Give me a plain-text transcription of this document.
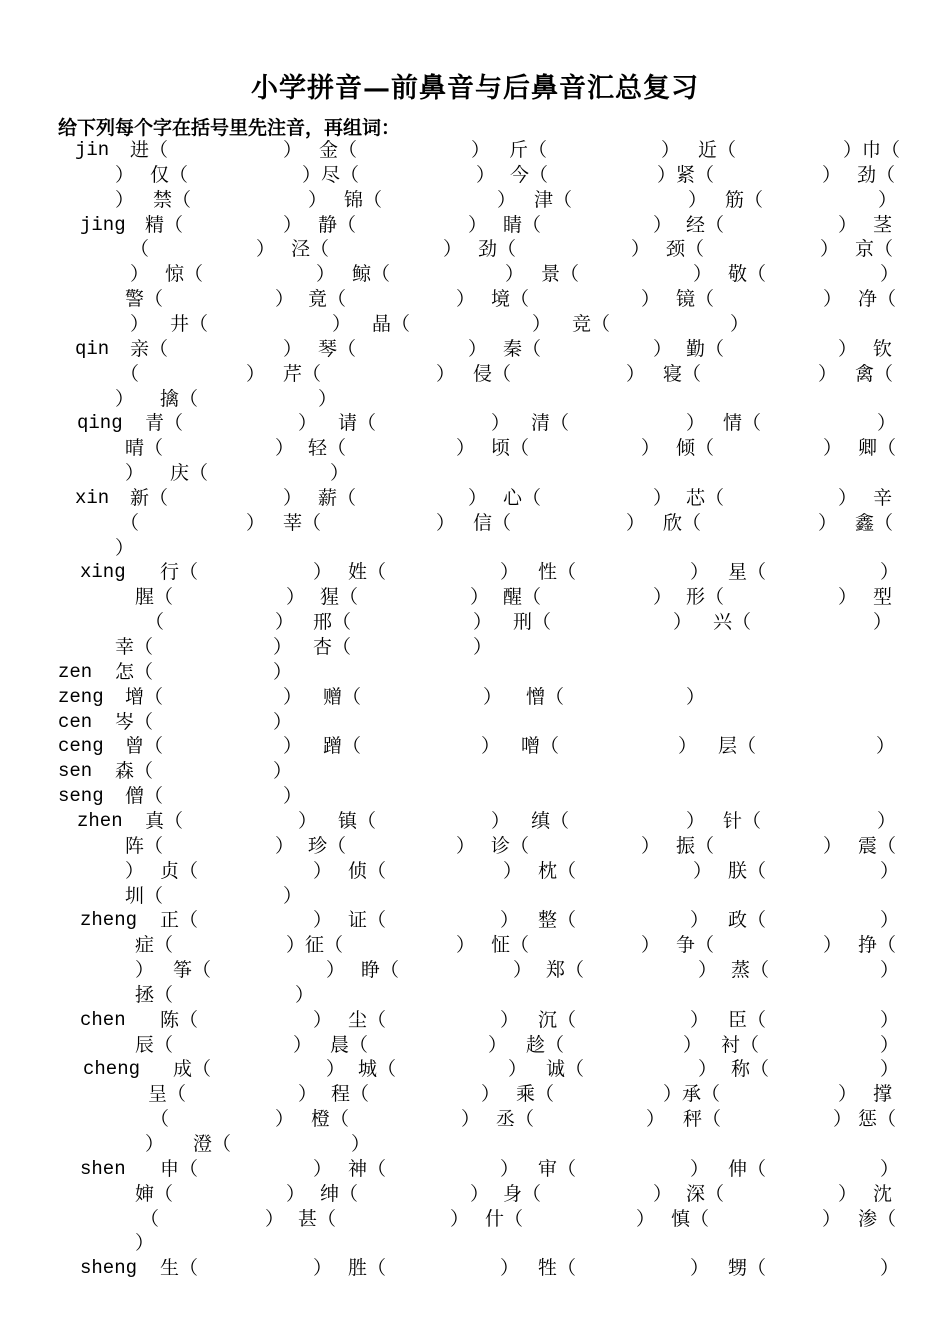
小学拼音—前鼻音与后鼻音汇总复习
给下列每个字在括号里先注音，再组词：
jin 进（	） 金（	） 斤（	） 近（	）巾（
） 仅（	）尽（	） 今（	）紧（	） 劲（
） 禁（	） 锦（	） 津（	） 筋（	）
jing 精（	） 静（	） 睛（	） 经（	） 茎
（	） 泾（	） 劲（	） 颈（	） 京（
） 惊（	） 鲸（	） 景（	） 敬（	）
警（	） 竟（	） 境（	） 镜（	） 净（
） 井（	） 晶（	） 竞（	）
qin 亲（	） 琴（	） 秦（	） 勤（	） 钦
（	） 芹（	） 侵（	） 寝（	） 禽（
） 擒（	）
qing 青（	） 请（	） 清（	） 情（	）
晴（	） 轻（	） 顷（	） 倾（	） 卿（
） 庆（	）
xin 新（	） 薪（	） 心（	） 芯（	） 辛
（	） 莘（	） 信（	） 欣（	） 鑫（
）
xing 行（	） 姓（	） 性（	） 星（	）
腥（	） 猩（	） 醒（	） 形（	） 型
（	） 邢（	） 刑（	） 兴（	）
幸（	） 杏（	）
zen 怎（	）
zeng 增（	） 赠（	） 憎（	）
cen 岑（	）
ceng 曾（	） 蹭（	） 噌（	） 层（	）
sen 森（	）
seng 僧（	）
zhen 真（	） 镇（	） 缜（	） 针（	）
阵（	） 珍（	） 诊（	） 振（	） 震（
） 贞（	） 侦（	） 枕（	） 朕（	）
圳（	）
zheng 正（	） 证（	） 整（	） 政（	）
症（	）征（	） 怔（	） 争（	） 挣（
） 筝（	） 睁（	） 郑（	） 蒸（	）
拯（	）
chen 陈（	） 尘（	） 沉（	） 臣（	）
辰（	） 晨（	） 趁（	） 衬（	）
cheng 成（	） 城（	） 诚（	） 称（	）
呈（	） 程（	） 乘（	）承（	） 撑
（	） 橙（	） 丞（	） 秤（	） 惩（
） 澄（	）
shen 申（	） 神（	） 审（	） 伸（	）
婶（	） 绅（	） 身（	） 深（	） 沈
（	） 甚（	） 什（	） 慎（	） 渗（
）
sheng 生（	） 胜（	） 牲（	） 甥（	）
